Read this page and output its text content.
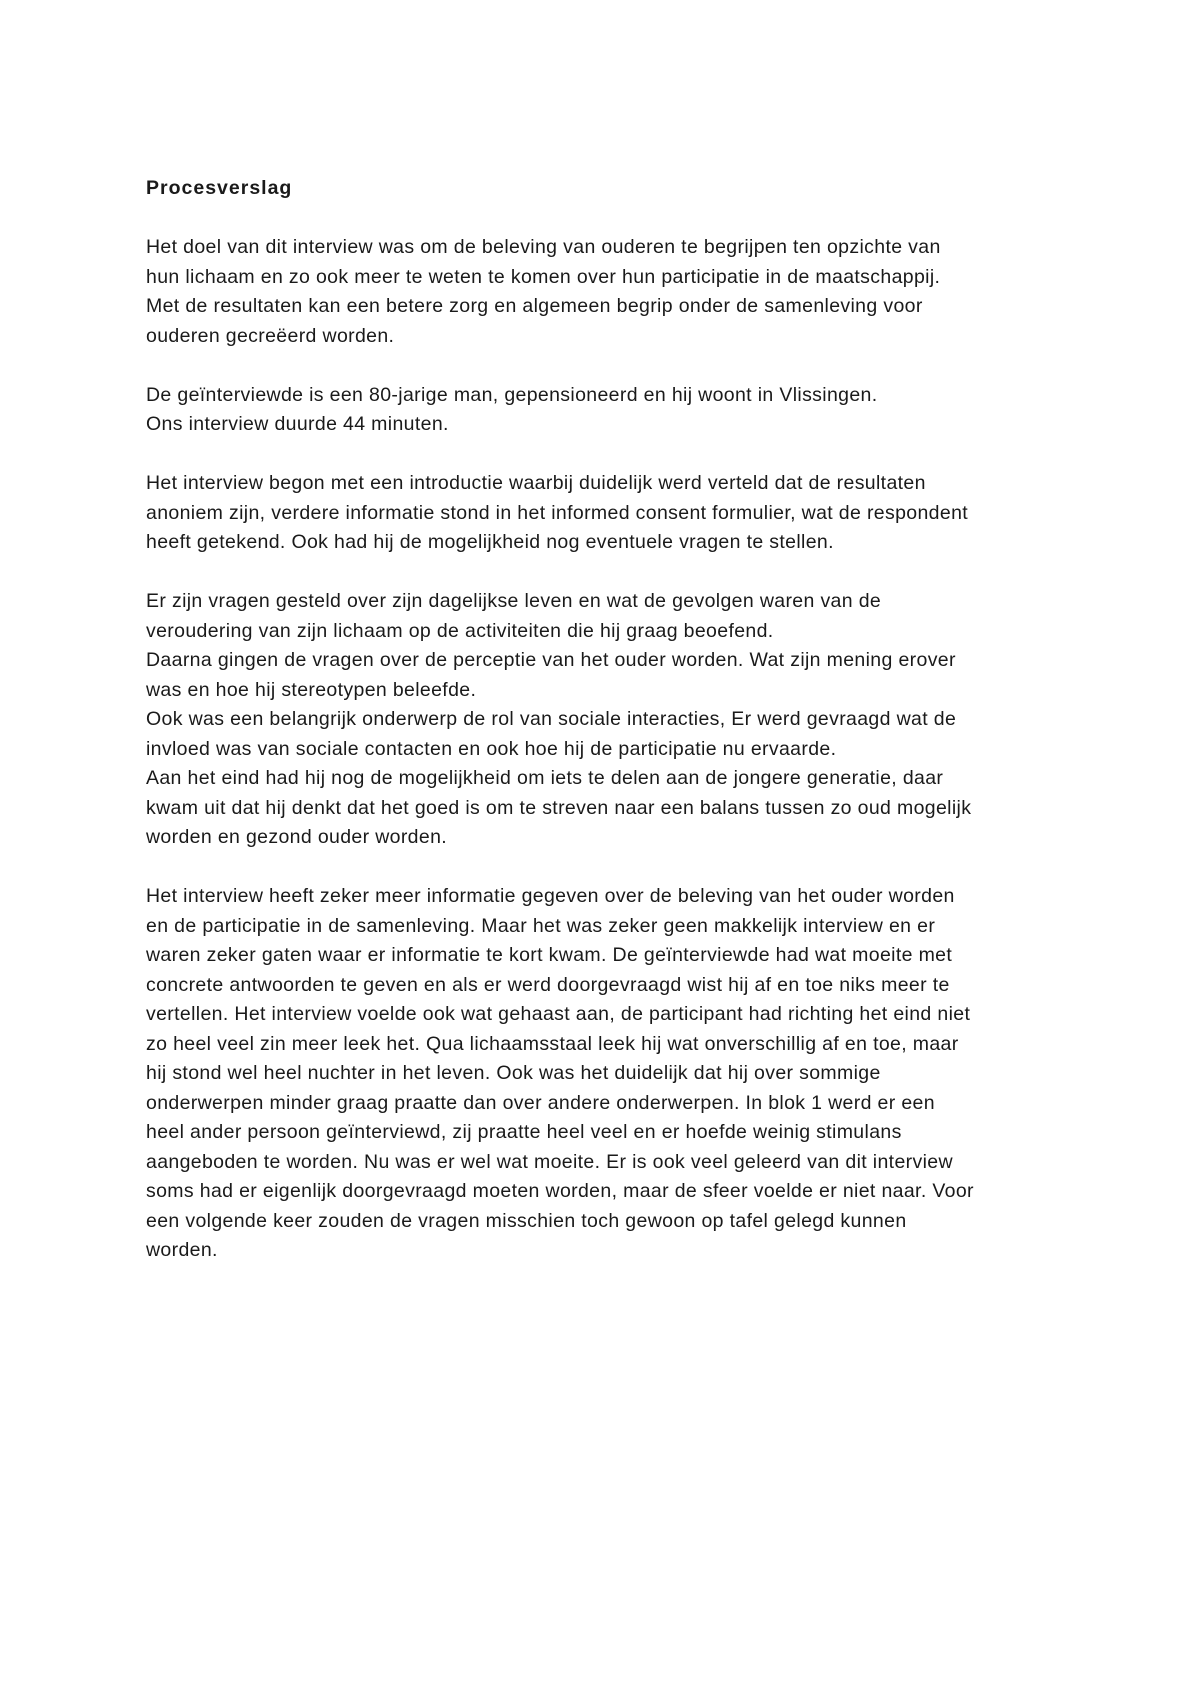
Procesverslag
Het doel van dit interview was om de beleving van ouderen te begrijpen ten opzichte van
hun lichaam en zo ook meer te weten te komen over hun participatie in de maatschappij.
Met de resultaten kan een betere zorg en algemeen begrip onder de samenleving voor
ouderen gecreëerd worden.
De geïnterviewde is een 80-jarige man, gepensioneerd en hij woont in Vlissingen.
Ons interview duurde 44 minuten.
Het interview begon met een introductie waarbij duidelijk werd verteld dat de resultaten
anoniem zijn, verdere informatie stond in het informed consent formulier, wat de respondent
heeft getekend. Ook had hij de mogelijkheid nog eventuele vragen te stellen.
Er zijn vragen gesteld over zijn dagelijkse leven en wat de gevolgen waren van de
veroudering van zijn lichaam op de activiteiten die hij graag beoefend.
Daarna gingen de vragen over de perceptie van het ouder worden. Wat zijn mening erover
was en hoe hij stereotypen beleefde.
Ook was een belangrijk onderwerp de rol van sociale interacties, Er werd gevraagd wat de
invloed was van sociale contacten en ook hoe hij de participatie nu ervaarde.
Aan het eind had hij nog de mogelijkheid om iets te delen aan de jongere generatie, daar
kwam uit dat hij denkt dat het goed is om te streven naar een balans tussen zo oud mogelijk
worden en gezond ouder worden.
Het interview heeft zeker meer informatie gegeven over de beleving van het ouder worden
en de participatie in de samenleving. Maar het was zeker geen makkelijk interview en er
waren zeker gaten waar er informatie te kort kwam. De geïnterviewde had wat moeite met
concrete antwoorden te geven en als er werd doorgevraagd wist hij af en toe niks meer te
vertellen. Het interview voelde ook wat gehaast aan, de participant had richting het eind niet
zo heel veel zin meer leek het. Qua lichaamsstaal leek hij wat onverschillig af en toe, maar
hij stond wel heel nuchter in het leven. Ook was het duidelijk dat hij over sommige
onderwerpen minder graag praatte dan over andere onderwerpen. In blok 1 werd er een
heel ander persoon geïnterviewd, zij praatte heel veel en er hoefde weinig stimulans
aangeboden te worden. Nu was er wel wat moeite. Er is ook veel geleerd van dit interview
soms had er eigenlijk doorgevraagd moeten worden, maar de sfeer voelde er niet naar. Voor
een volgende keer zouden de vragen misschien toch gewoon op tafel gelegd kunnen
worden.
